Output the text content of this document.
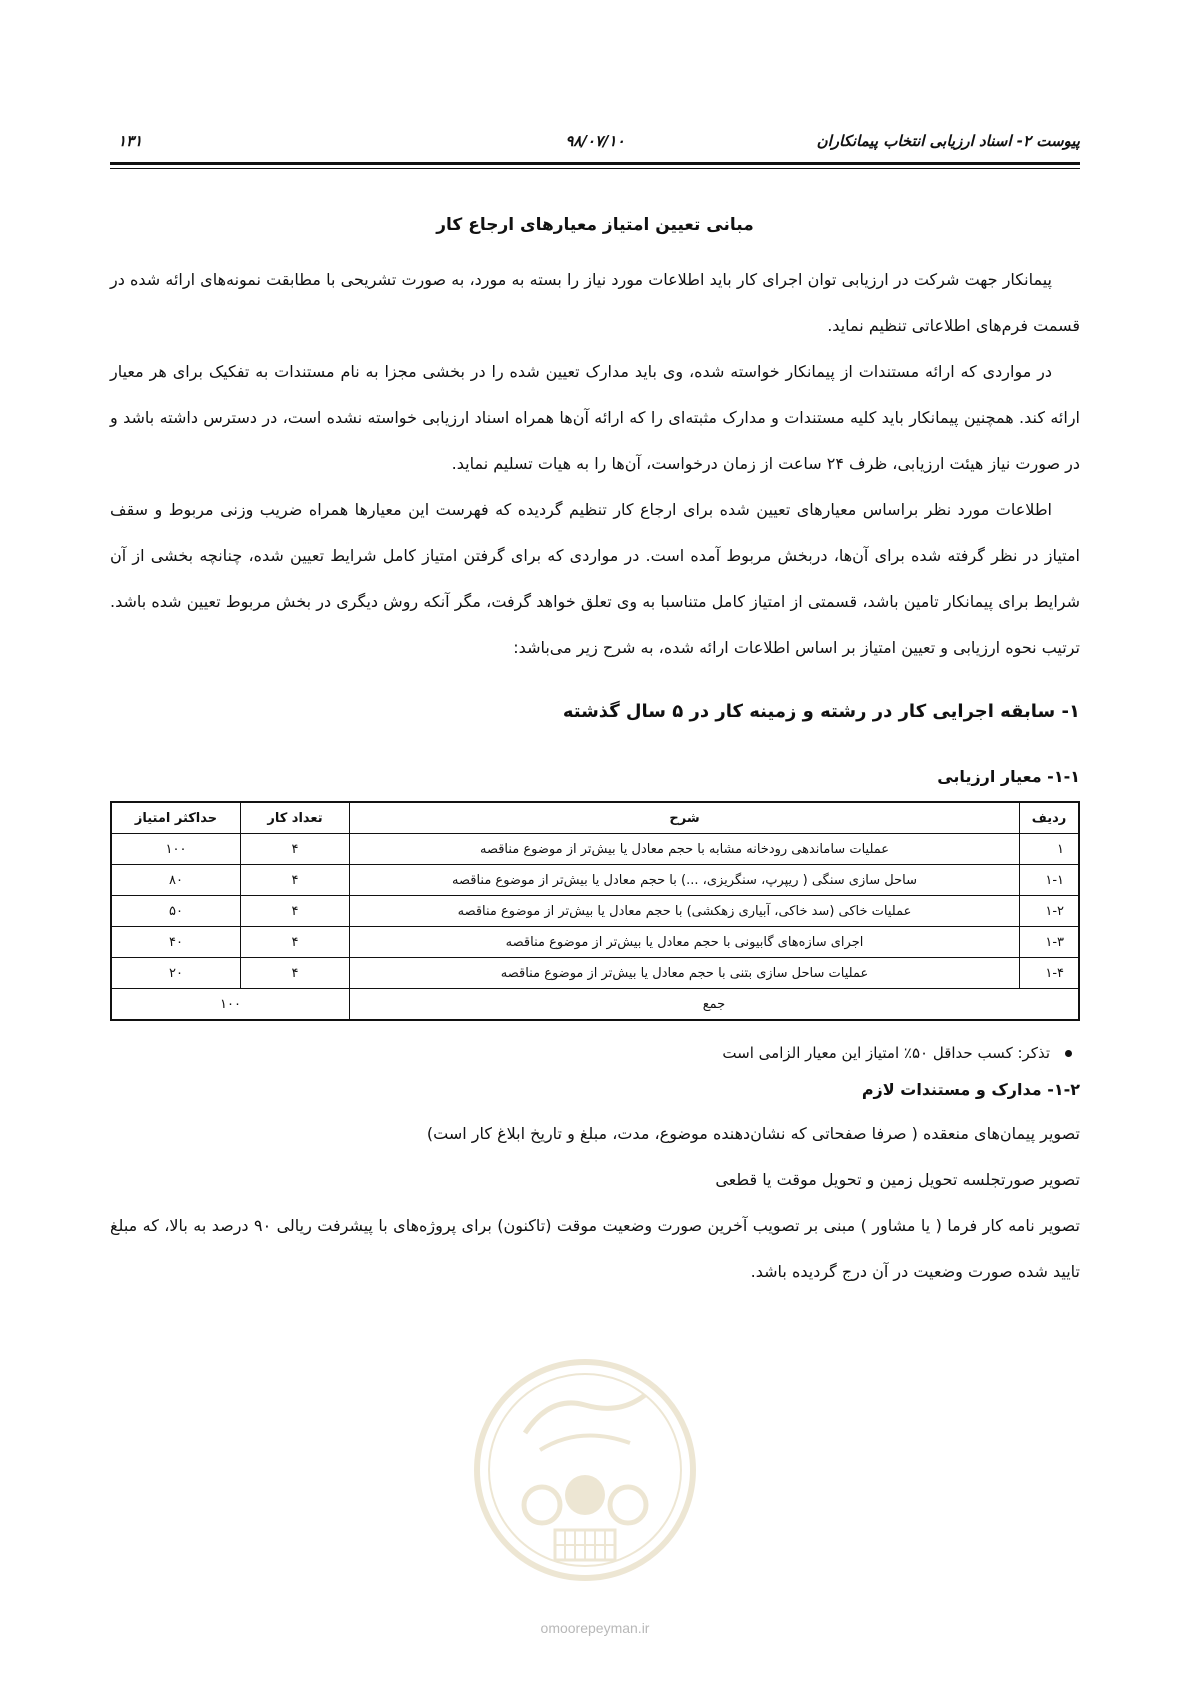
پیوست ۲- اسناد ارزیابی انتخاب پیمانکاران
۹۸/۰۷/۱۰
۱۳۱
مبانی تعیین امتیاز معیارهای ارجاع کار

پیمانکار جهت شرکت در ارزیابی توان اجرای کار باید اطلاعات مورد نیاز را بسته به مورد، به صورت تشریحی با مطابقت نمونه‌های ارائه شده در قسمت فرم‌های اطلاعاتی تنظیم نماید.

در مواردی که ارائه مستندات از پیمانکار خواسته شده، وی باید مدارک تعیین شده را در بخشی مجزا به نام مستندات به تفکیک برای هر معیار ارائه کند. همچنین پیمانکار باید کلیه مستندات و مدارک مثبته‌ای را که ارائه آن‌ها همراه اسناد ارزیابی خواسته نشده است، در دسترس داشته باشد و در صورت نیاز هیئت ارزیابی، ظرف ۲۴ ساعت از زمان درخواست، آن‌ها را به هیات تسلیم نماید.

اطلاعات مورد نظر براساس معیارهای تعیین شده برای ارجاع کار تنظیم گردیده که فهرست این معیارها همراه ضریب وزنی مربوط و سقف امتیاز در نظر گرفته شده برای آن‌ها، دربخش مربوط آمده است. در مواردی که برای گرفتن امتیاز کامل شرایط تعیین شده، چنانچه بخشی از آن شرایط برای پیمانکار تامین باشد، قسمتی از امتیاز کامل متناسبا به وی تعلق خواهد گرفت، مگر آنکه روش دیگری در بخش مربوط تعیین شده باشد. ترتیب نحوه ارزیابی و تعیین امتیاز بر اساس اطلاعات ارائه شده، به شرح زیر می‌باشد:

۱- سابقه اجرایی کار در رشته و زمینه کار در ۵ سال گذشته
۱-۱- معیار ارزیابی
ردیف	شرح	تعداد کار	حداکثر امتیاز
۱	عملیات ساماندهی رودخانه مشابه با حجم معادل یا بیش‌تر از موضوع مناقصه	۴	۱۰۰
۱-۱	ساحل سازی سنگی ( ریپرپ، سنگریزی، ...) با حجم معادل یا بیش‌تر از موضوع مناقصه	۴	۸۰
۱-۲	عملیات خاکی (سد خاکی، آبیاری زهکشی) با حجم معادل یا بیش‌تر از موضوع مناقصه	۴	۵۰
۱-۳	اجرای سازه‌های گابیونی با حجم معادل یا بیش‌تر از موضوع مناقصه	۴	۴۰
۱-۴	عملیات ساحل سازی بتنی با حجم معادل یا بیش‌تر از موضوع مناقصه	۴	۲۰
جمع		۱۰۰	
تذکر: کسب حداقل ۵۰٪ امتیاز این معیار الزامی است
۱-۲- مدارک و مستندات لازم

تصویر پیمان‌های منعقده ( صرفا صفحاتی که نشان‌دهنده موضوع، مدت، مبلغ و تاریخ ابلاغ کار است)

تصویر صورتجلسه تحویل زمین و تحویل موقت یا قطعی

تصویر نامه کار فرما ( یا مشاور ) مبنی بر تصویب آخرین صورت وضعیت موقت (تاکنون) برای پروژه‌های با پیشرفت ریالی ۹۰ درصد به بالا، که مبلغ تایید شده صورت وضعیت در آن درج گردیده باشد.

omoorepeyman.ir
